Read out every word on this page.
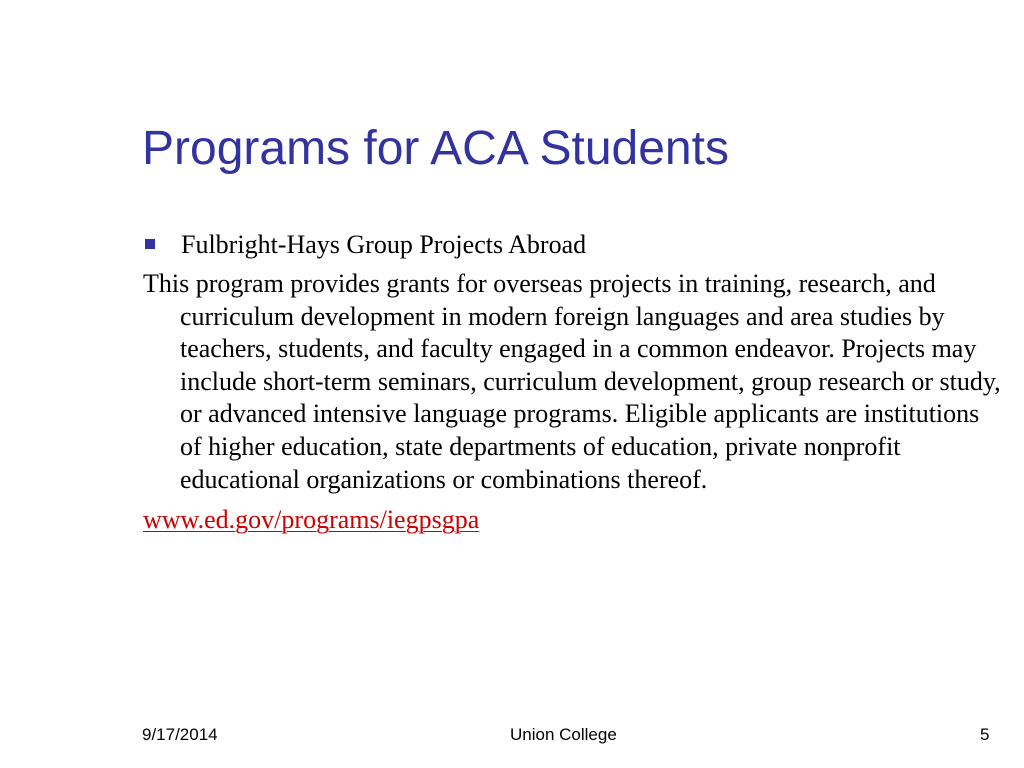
Programs for ACA Students
Fulbright-Hays Group Projects Abroad
This program provides grants for overseas projects in training, research, and curriculum development in modern foreign languages and area studies by teachers, students, and faculty engaged in a common endeavor. Projects may include short-term seminars, curriculum development, group research or study, or advanced intensive language programs. Eligible applicants are institutions of higher education, state departments of education, private nonprofit educational organizations or combinations thereof.
www.ed.gov/programs/iegpsgpa
9/17/2014	Union College	5
